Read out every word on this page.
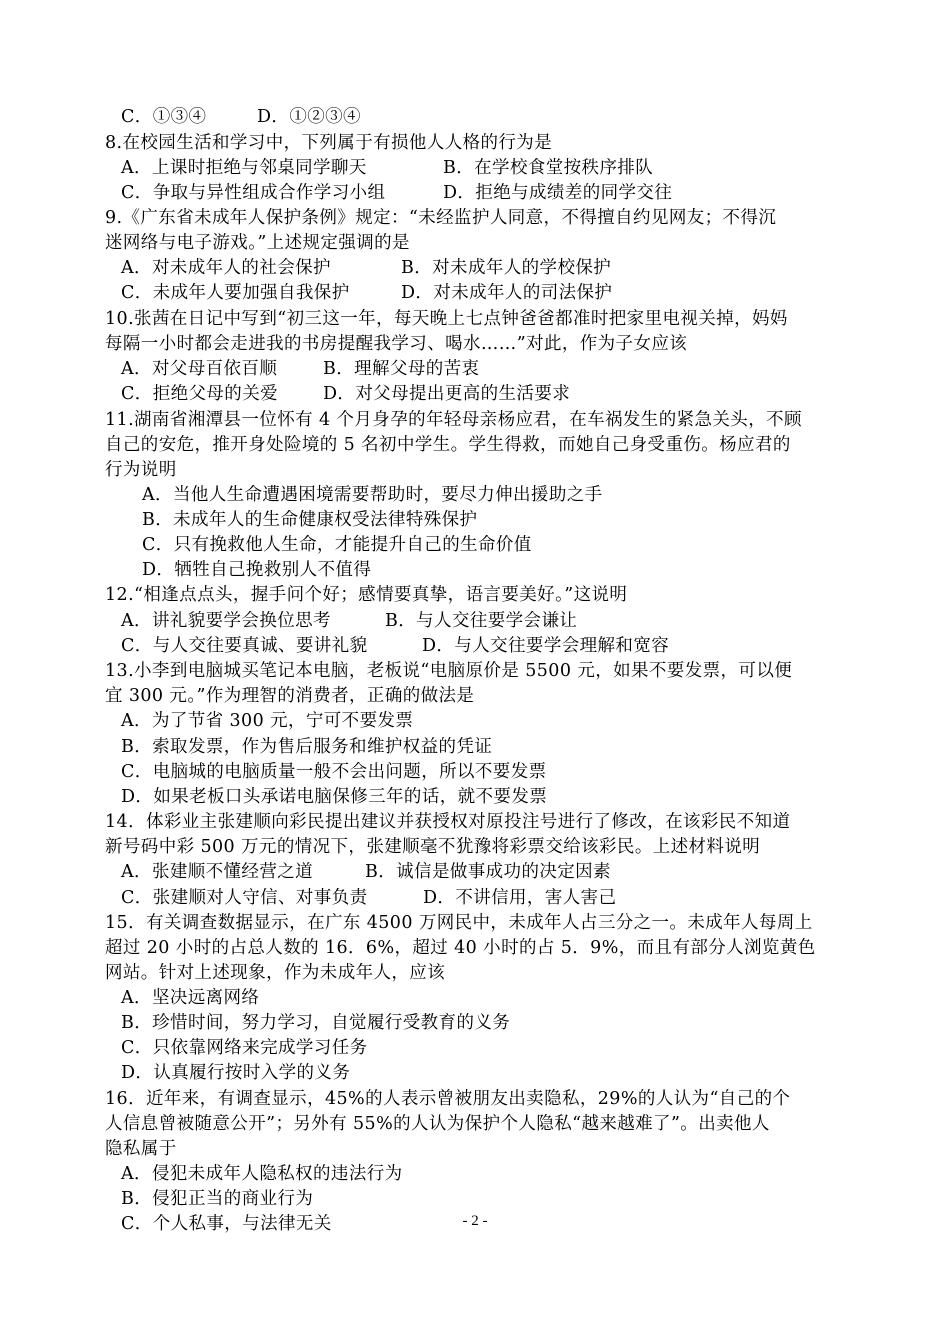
C．①③④	D．①②③④
8.在校园生活和学习中，下列属于有损他人人格的行为是
A．上课时拒绝与邻桌同学聊天	B．在学校食堂按秩序排队
C．争取与异性组成合作学习小组	D．拒绝与成绩差的同学交往
9.《广东省未成年人保护条例》规定：“未经监护人同意，不得擅自约见网友；不得沉
迷网络与电子游戏。”上述规定强调的是
A．对未成年人的社会保护	B．对未成年人的学校保护
C．未成年人要加强自我保护	D．对未成年人的司法保护
10.张茜在日记中写到“初三这一年，每天晚上七点钟爸爸都准时把家里电视关掉，妈妈
每隔一小时都会走进我的书房提醒我学习、喝水……”对此，作为子女应该
A．对父母百依百顺	B．理解父母的苦衷
C．拒绝父母的关爱	D．对父母提出更高的生活要求
11.湖南省湘潭县一位怀有 4 个月身孕的年轻母亲杨应君，在车祸发生的紧急关头，不顾
自己的安危，推开身处险境的 5 名初中学生。学生得救，而她自己身受重伤。杨应君的
行为说明
A．当他人生命遭遇困境需要帮助时，要尽力伸出援助之手
B．未成年人的生命健康权受法律特殊保护
C．只有挽救他人生命，才能提升自己的生命价值
D．牺牲自己挽救别人不值得
12.“相逢点点头，握手问个好；感情要真挚，语言要美好。”这说明
A．讲礼貌要学会换位思考	B．与人交往要学会谦让
C．与人交往要真诚、要讲礼貌	D．与人交往要学会理解和宽容
13.小李到电脑城买笔记本电脑，老板说“电脑原价是 5500 元，如果不要发票，可以便
宜 300 元。”作为理智的消费者，正确的做法是
A．为了节省 300 元，宁可不要发票
B．索取发票，作为售后服务和维护权益的凭证
C．电脑城的电脑质量一般不会出问题，所以不要发票
D．如果老板口头承诺电脑保修三年的话，就不要发票
14．体彩业主张建顺向彩民提出建议并获授权对原投注号进行了修改，在该彩民不知道
新号码中彩 500 万元的情况下，张建顺毫不犹豫将彩票交给该彩民。上述材料说明
A．张建顺不懂经营之道	B．诚信是做事成功的决定因素
C．张建顺对人守信、对事负责	D．不讲信用，害人害己
15．有关调查数据显示，在广东 4500 万网民中，未成年人占三分之一。未成年人每周上
超过 20 小时的占总人数的 16．6%，超过 40 小时的占 5．9%，而且有部分人浏览黄色
网站。针对上述现象，作为未成年人，应该
A．坚决远离网络
B．珍惜时间，努力学习，自觉履行受教育的义务
C．只依靠网络来完成学习任务
D．认真履行按时入学的义务
16．近年来，有调查显示，45%的人表示曾被朋友出卖隐私，29%的人认为“自己的个
人信息曾被随意公开”；另外有 55%的人认为保护个人隐私“越来越难了”。出卖他人
隐私属于
A．侵犯未成年人隐私权的违法行为
B．侵犯正当的商业行为
C．个人私事，与法律无关	- 2 -
